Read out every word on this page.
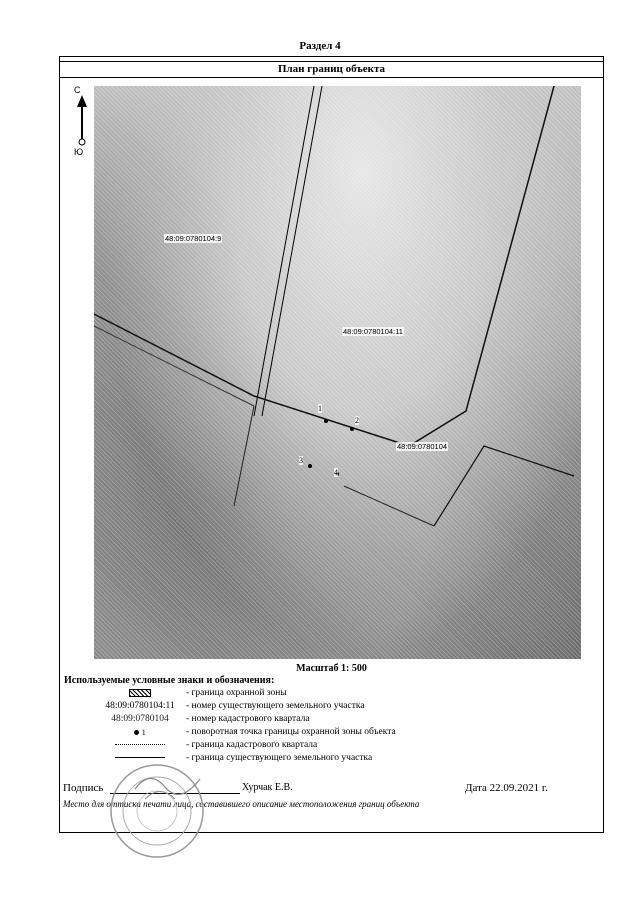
Раздел 4
План границ объекта
48:09:0780104:9
48:09:0780104:11
48:09:0780104
1
2
3
4
С
Ю
Масштаб 1: 500
Используемые условные знаки и обозначения:
- граница охранной зоны
48:09:0780104:11	- номер существующего земельного участка
48:09:0780104	- номер кадастрового квартала
1	- поворотная точка границы охранной зоны объекта
- граница кадастрового квартала
- граница существующего земельного участка
Подпись	Хурчак Е.В.	Дата 22.09.2021 г.
Место для оттиска печати лица, составившего описание местоположения границ объекта
